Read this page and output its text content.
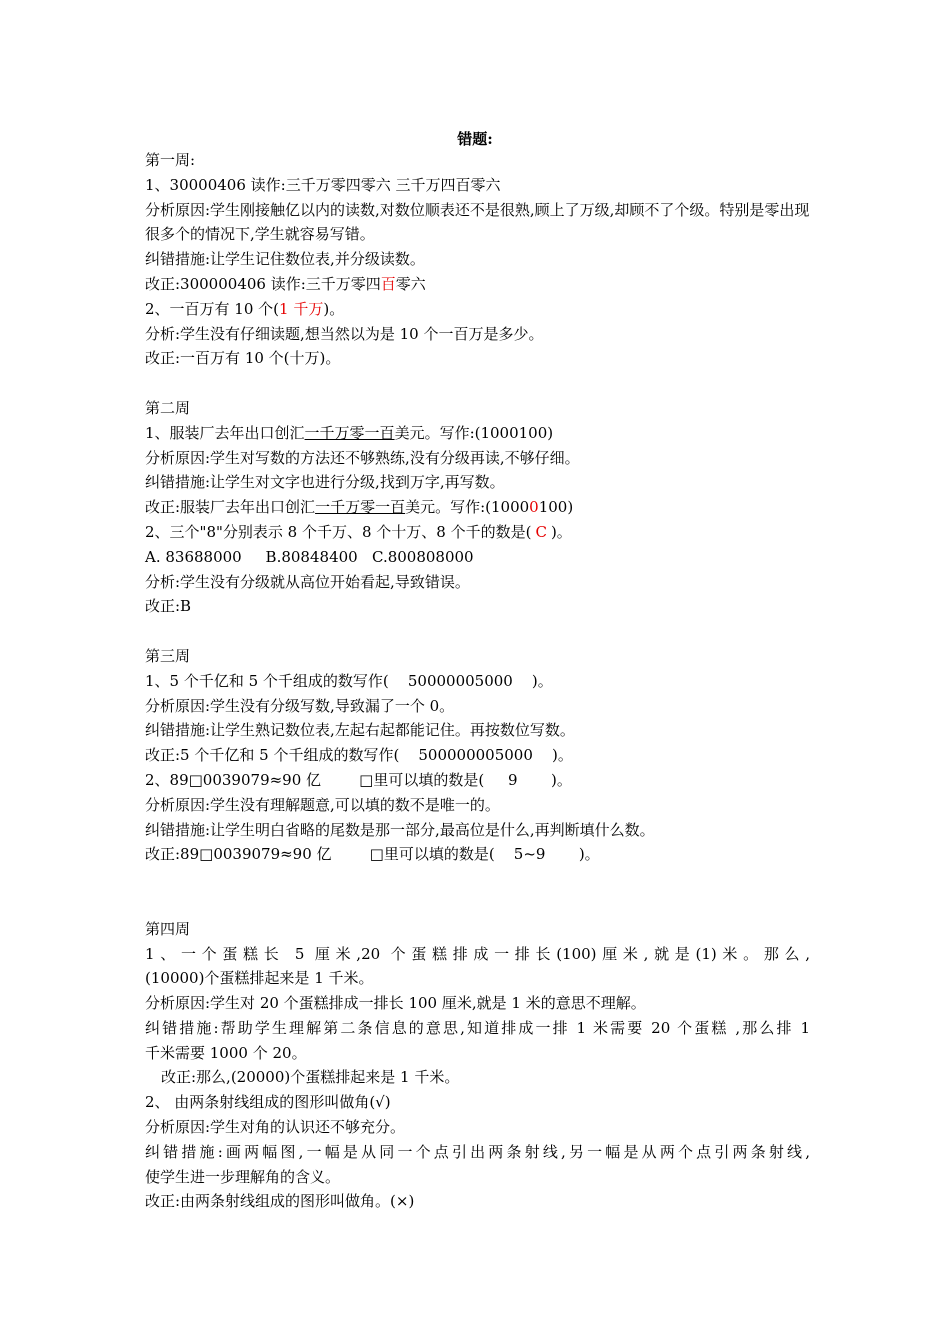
错题:
第一周:
1、30000406 读作:三千万零四零六 三千万四百零六
分析原因:学生刚接触亿以内的读数,对数位顺表还不是很熟,顾上了万级,却顾不了个级。特别是零出现很多个的情况下,学生就容易写错。
纠错措施:让学生记住数位表,并分级读数。
改正:300000406 读作:三千万零四百零六
2、一百万有 10 个(1 千万)。
分析:学生没有仔细读题,想当然以为是 10 个一百万是多少。
改正:一百万有 10 个(十万)。
第二周
1、服装厂去年出口创汇一千万零一百美元。写作:(1000100)
分析原因:学生对写数的方法还不够熟练,没有分级再读,不够仔细。
纠错措施:让学生对文字也进行分级,找到万字,再写数。
改正:服装厂去年出口创汇一千万零一百美元。写作:(10000100)
2、三个"8"分别表示 8 个千万、8 个十万、8 个千的数是( C )。
A. 83688000     B.80848400   C.800808000
分析:学生没有分级就从高位开始看起,导致错误。
改正:B
第三周
1、5 个千亿和 5 个千组成的数写作(    50000005000    )。
分析原因:学生没有分级写数,导致漏了一个 0。
纠错措施:让学生熟记数位表,左起右起都能记住。再按数位写数。
改正:5 个千亿和 5 个千组成的数写作(    500000005000    )。
2、89□0039079≈90 亿        □里可以填的数是(     9       )。
分析原因:学生没有理解题意,可以填的数不是唯一的。
纠错措施:让学生明白省略的尾数是那一部分,最高位是什么,再判断填什么数。
改正:89□0039079≈90 亿        □里可以填的数是(    5~9       )。
第四周
1、一个蛋糕长 5 厘米,20 个蛋糕排成一排长(100)厘米,就是(1)米。那么,
(10000)个蛋糕排起来是 1 千米。
分析原因:学生对 20 个蛋糕排成一排长 100 厘米,就是 1 米的意思不理解。
纠错措施:帮助学生理解第二条信息的意思,知道排成一排 1 米需要 20 个蛋糕 ,那么排 1
千米需要 1000 个 20。
改正:那么,(20000)个蛋糕排起来是 1 千米。
2、 由两条射线组成的图形叫做角(√)
分析原因:学生对角的认识还不够充分。
纠错措施:画两幅图,一幅是从同一个点引出两条射线,另一幅是从两个点引两条射线,
使学生进一步理解角的含义。
改正:由两条射线组成的图形叫做角。(×)
